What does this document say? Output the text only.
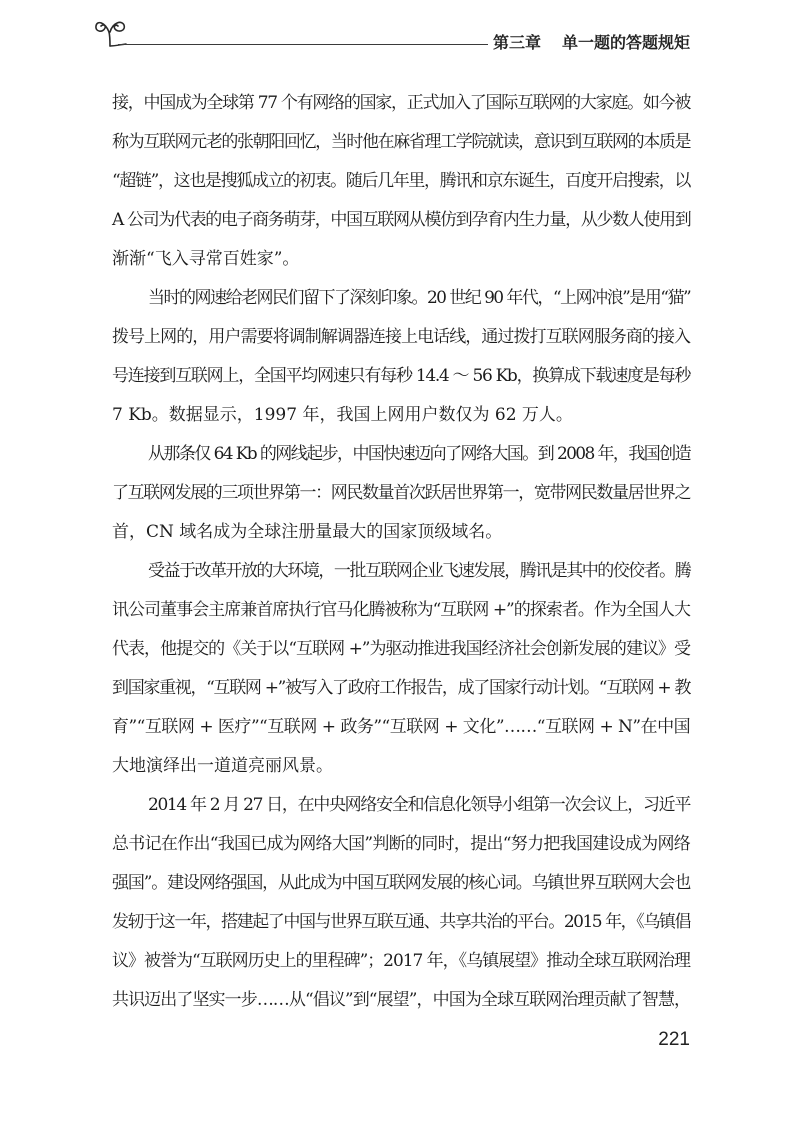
第三章 单一题的答题规矩
接，中国成为全球第 77 个有网络的国家，正式加入了国际互联网的大家庭。如今被
称为互联网元老的张朝阳回忆，当时他在麻省理工学院就读，意识到互联网的本质是
“超链”，这也是搜狐成立的初衷。随后几年里，腾讯和京东诞生，百度开启搜索，以
A 公司为代表的电子商务萌芽，中国互联网从模仿到孕育内生力量，从少数人使用到
渐渐“飞入寻常百姓家”。
当时的网速给老网民们留下了深刻印象。20 世纪 90 年代，“上网冲浪”是用“猫”
拨号上网的，用户需要将调制解调器连接上电话线，通过拨打互联网服务商的接入
号连接到互联网上，全国平均网速只有每秒 14.4 ～ 56 Kb，换算成下载速度是每秒
7 Kb。数据显示，1997 年，我国上网用户数仅为 62 万人。
从那条仅 64 Kb 的网线起步，中国快速迈向了网络大国。到 2008 年，我国创造
了互联网发展的三项世界第一：网民数量首次跃居世界第一，宽带网民数量居世界之
首，CN 域名成为全球注册量最大的国家顶级域名。
受益于改革开放的大环境，一批互联网企业飞速发展，腾讯是其中的佼佼者。腾
讯公司董事会主席兼首席执行官马化腾被称为“互联网 +”的探索者。作为全国人大
代表，他提交的《关于以“互联网 +”为驱动推进我国经济社会创新发展的建议》受
到国家重视，“互联网 +”被写入了政府工作报告，成了国家行动计划。“互联网 + 教
育”“互联网 + 医疗”“互联网 + 政务”“互联网 + 文化”……“互联网 + N”在中国
大地演绎出一道道亮丽风景。
2014 年 2 月 27 日，在中央网络安全和信息化领导小组第一次会议上，习近平
总书记在作出“我国已成为网络大国”判断的同时，提出“努力把我国建设成为网络
强国”。建设网络强国，从此成为中国互联网发展的核心词。乌镇世界互联网大会也
发轫于这一年，搭建起了中国与世界互联互通、共享共治的平台。2015 年，《乌镇倡
议》被誉为“互联网历史上的里程碑”；2017 年，《乌镇展望》推动全球互联网治理
共识迈出了坚实一步……从“倡议”到“展望”，中国为全球互联网治理贡献了智慧，
221
